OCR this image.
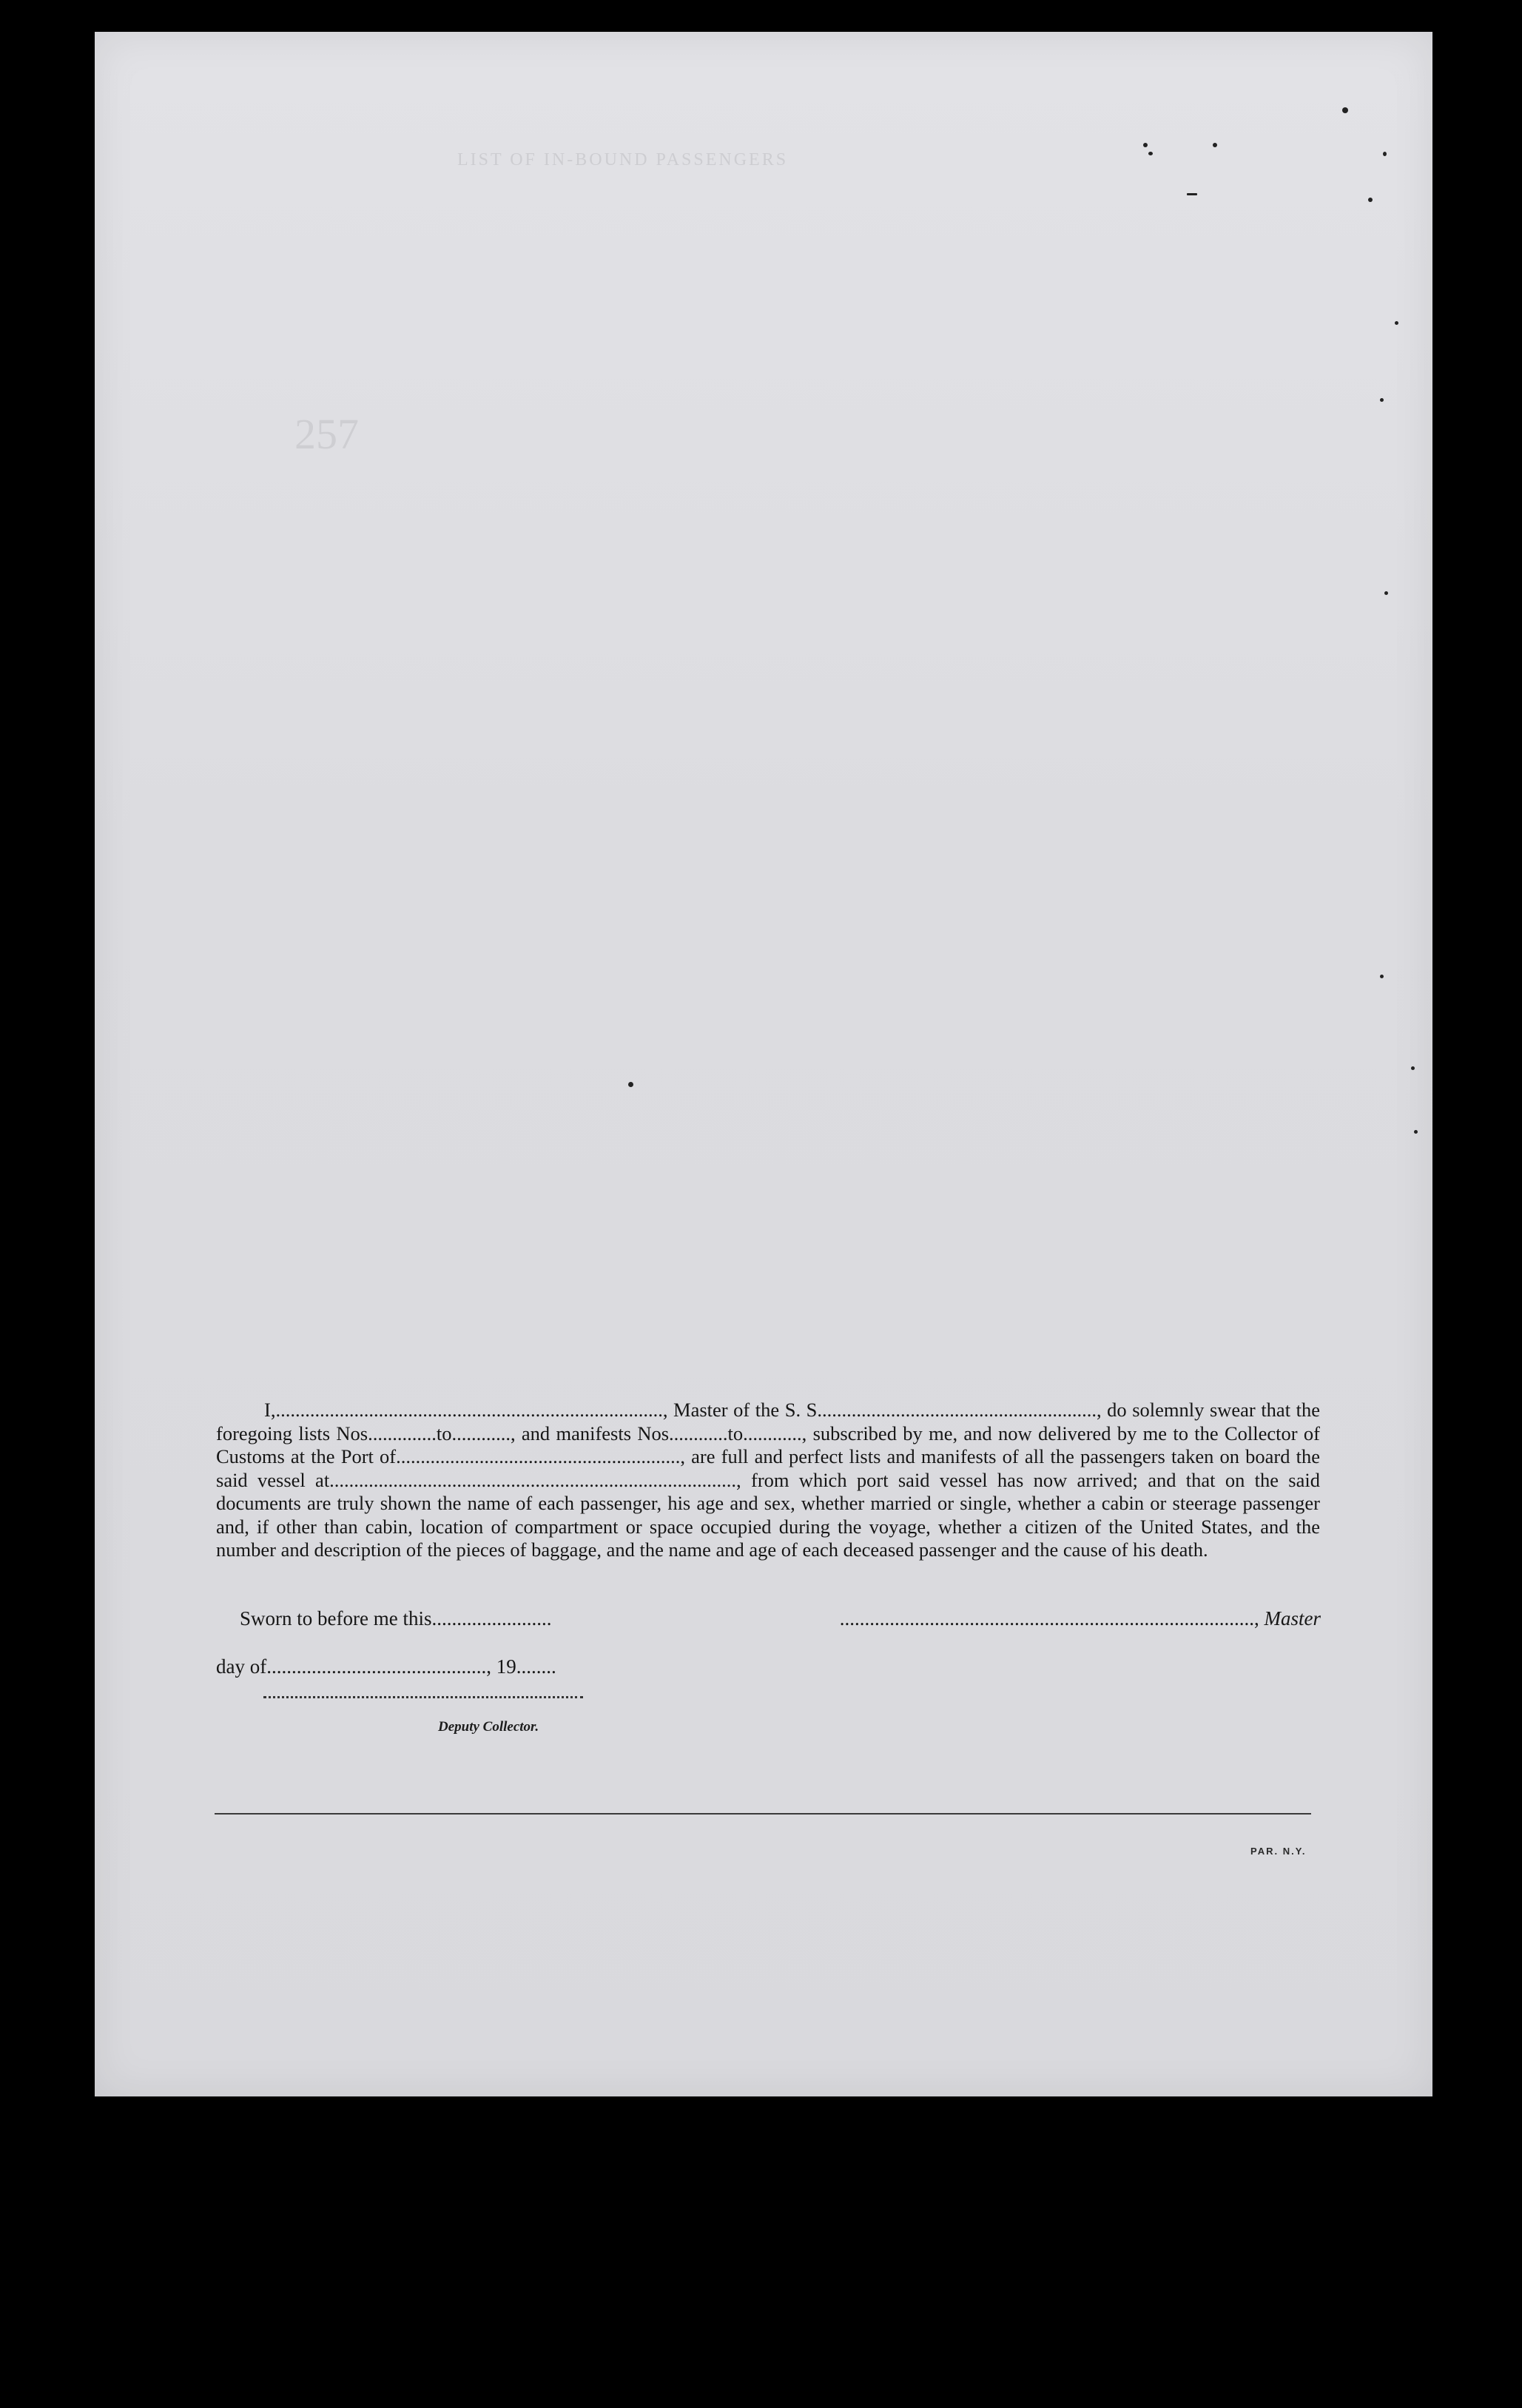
LIST OF IN-BOUND PASSENGERS
257

I,..............................................................................., Master of the S. S........................................................., do solemnly swear that the foregoing lists Nos..............to............, and manifests Nos............to............, subscribed by me, and now delivered by me to the Collector of Customs at the Port of.........................................................., are full and perfect lists and manifests of all the passengers taken on board the said vessel at..................................................................................., from which port said vessel has now arrived; and that on the said documents are truly shown the name of each passenger, his age and sex, whether married or single, whether a cabin or steerage passenger and, if other than cabin, location of compartment or space occupied during the voyage, whether a citizen of the United States, and the number and description of the pieces of baggage, and the name and age of each deceased passenger and the cause of his death.

Sworn to before me this........................	..................................................................................., Master
day of............................................, 19........
Deputy Collector.
PAR. N.Y.
